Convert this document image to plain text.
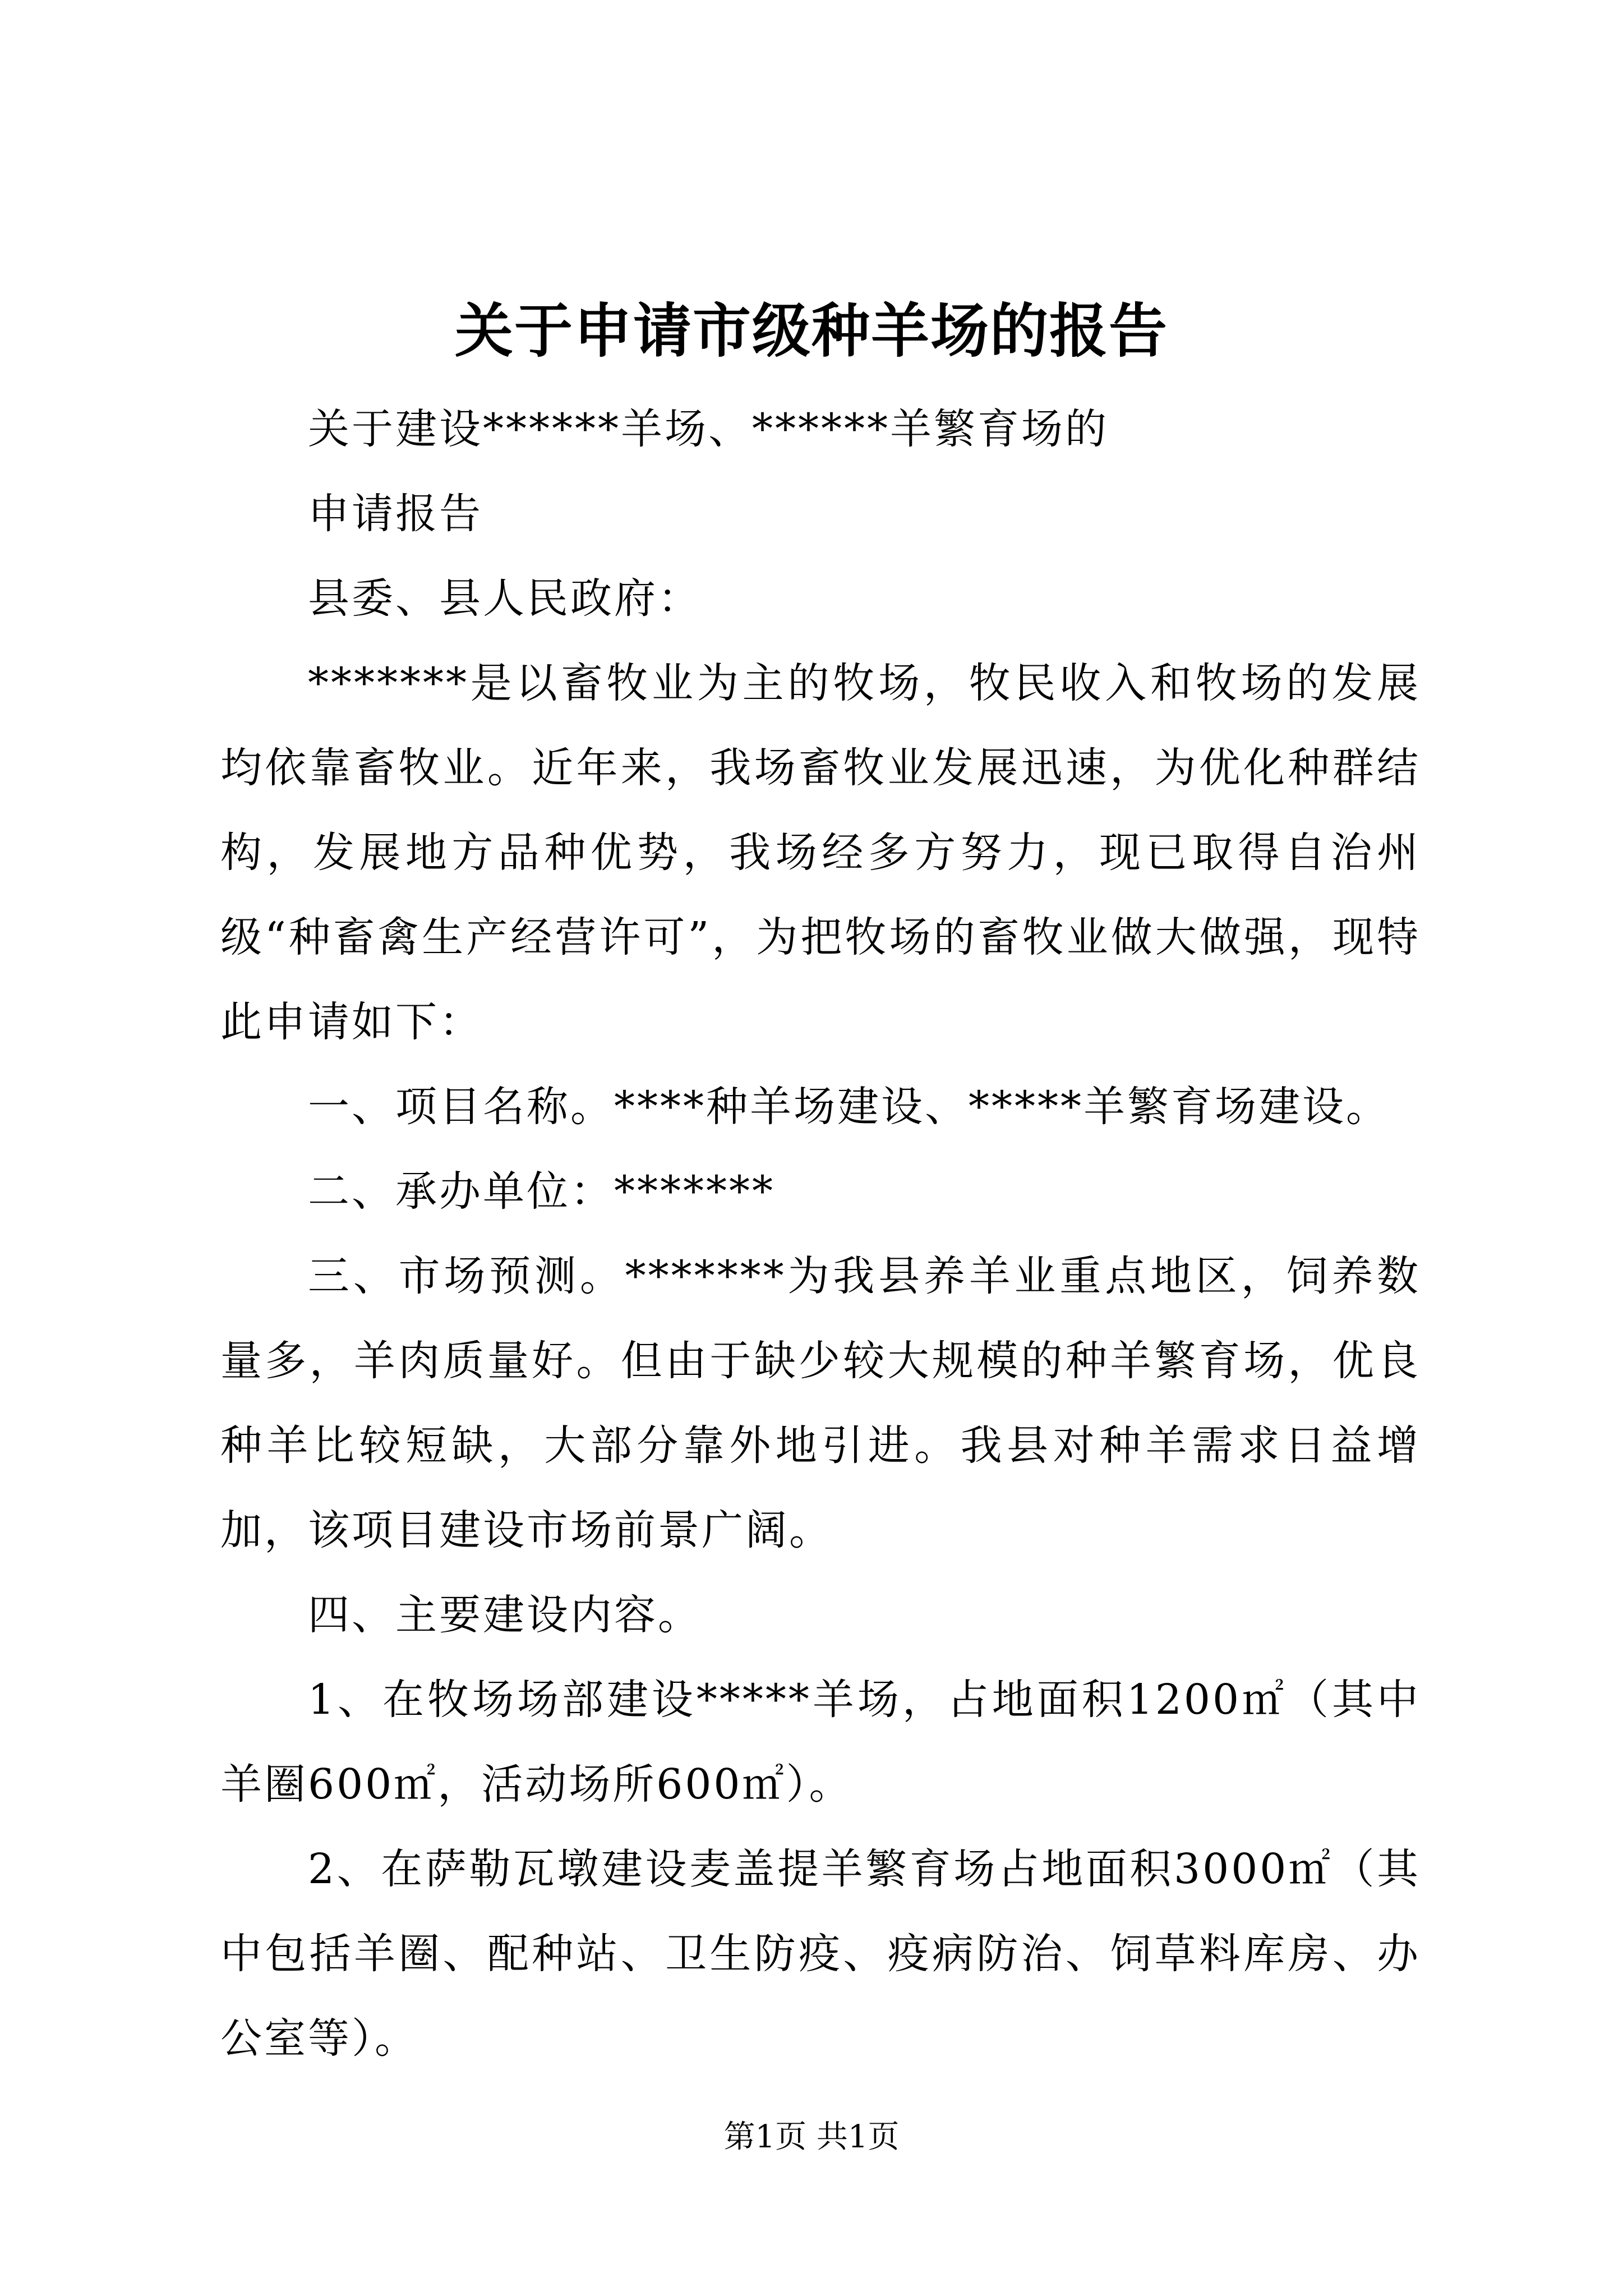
关于申请市级种羊场的报告

关于建设******羊场、******羊繁育场的

申请报告

县委、县人民政府：

*******是以畜牧业为主的牧场，牧民收入和牧场的发展均依靠畜牧业。近年来，我场畜牧业发展迅速，为优化种群结构，发展地方品种优势，我场经多方努力，现已取得自治州级“种畜禽生产经营许可”，为把牧场的畜牧业做大做强，现特此申请如下：

一、项目名称。****种羊场建设、*****羊繁育场建设。

二、承办单位：*******

三、市场预测。*******为我县养羊业重点地区，饲养数量多，羊肉质量好。但由于缺少较大规模的种羊繁育场，优良种羊比较短缺，大部分靠外地引进。我县对种羊需求日益增加，该项目建设市场前景广阔。

四、主要建设内容。

1、在牧场场部建设*****羊场，占地面积1200㎡（其中羊圈600㎡，活动场所600㎡）。

2、在萨勒瓦墩建设麦盖提羊繁育场占地面积3000㎡（其中包括羊圈、配种站、卫生防疫、疫病防治、饲草料库房、办公室等）。

第1页 共1页
